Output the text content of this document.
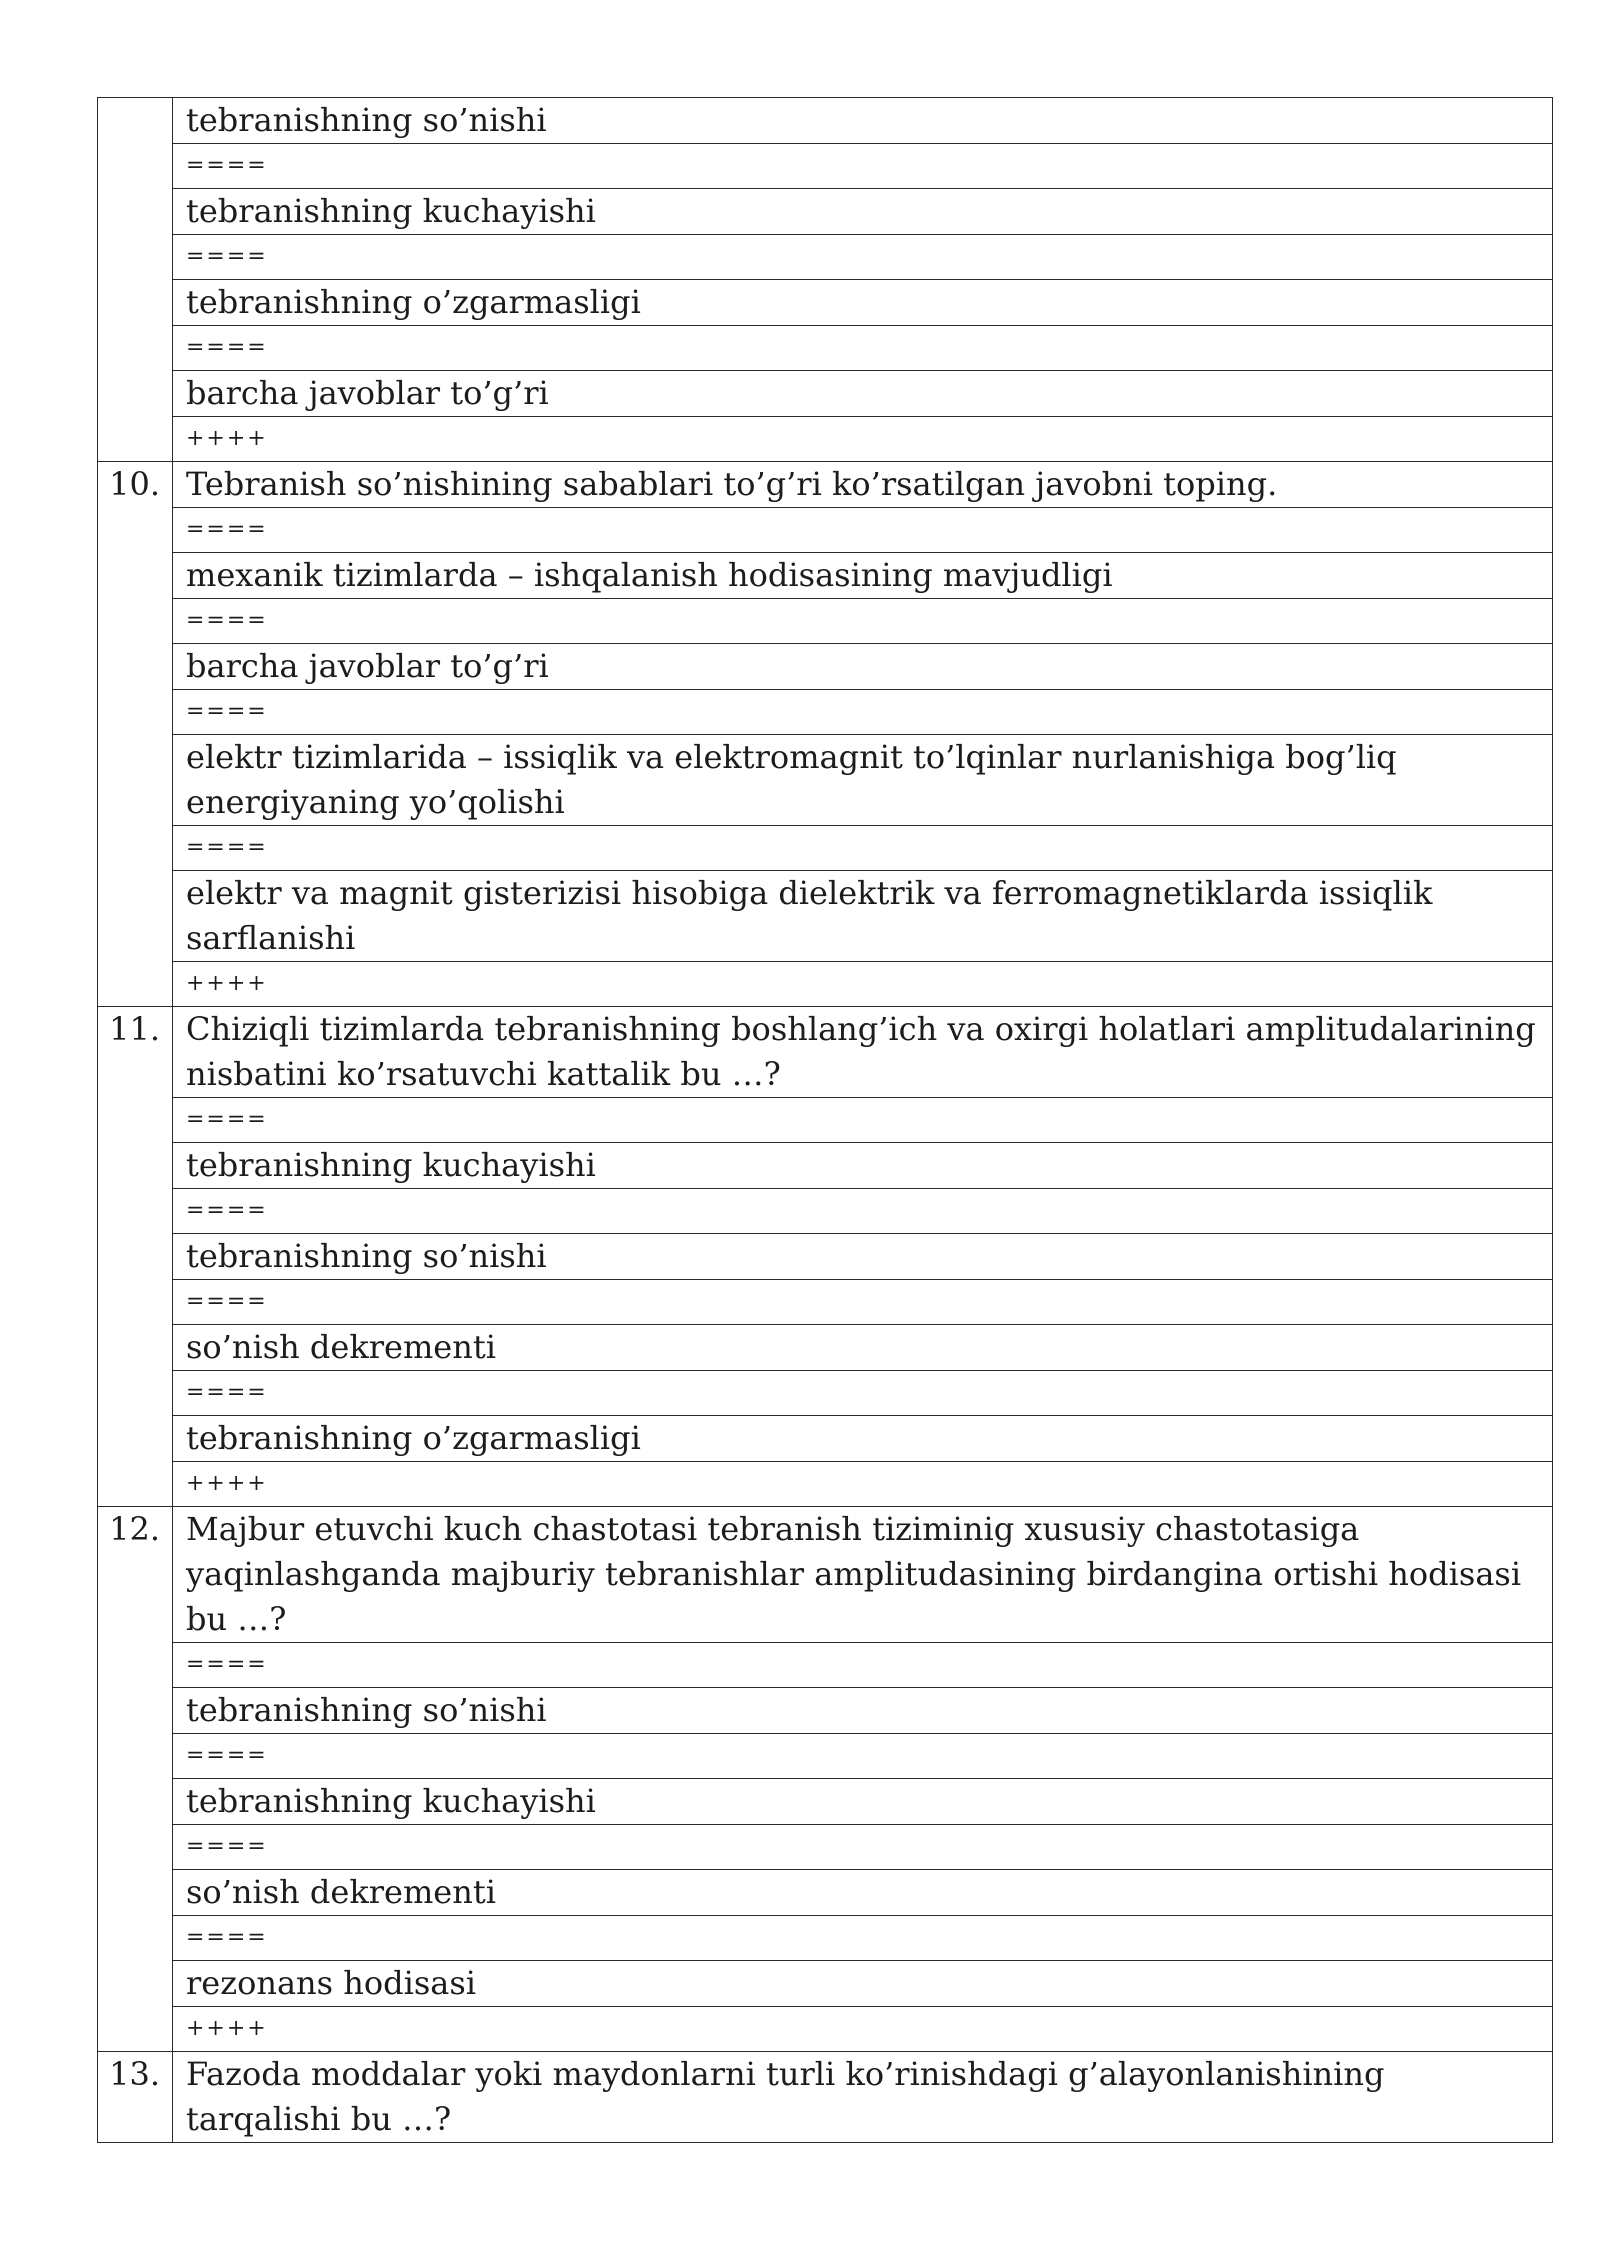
	tebranishning so’nishi
	====
	tebranishning kuchayishi
	====
	tebranishning o’zgarmasligi
	====
	barcha javoblar to’g’ri
	++++
10.	Tebranish so’nishining sabablari to’g’ri ko’rsatilgan javobni toping.
	====
	mexanik tizimlarda – ishqalanish hodisasining mavjudligi
	====
	barcha javoblar to’g’ri
	====
	elektr tizimlarida – issiqlik va elektromagnit to’lqinlar nurlanishiga bog’liq energiyaning yo’qolishi
	====
	elektr va magnit gisterizisi hisobiga dielektrik va ferromagnetiklarda issiqlik sarflanishi
	++++
11.	Chiziqli tizimlarda tebranishning boshlang’ich va oxirgi holatlari amplitudalarining nisbatini ko’rsatuvchi kattalik bu …?
	====
	tebranishning kuchayishi
	====
	tebranishning so’nishi
	====
	so’nish dekrementi
	====
	tebranishning o’zgarmasligi
	++++
12.	Majbur etuvchi kuch chastotasi tebranish tiziminig xususiy chastotasiga yaqinlashganda majburiy tebranishlar amplitudasining birdangina ortishi hodisasi bu …?
	====
	tebranishning so’nishi
	====
	tebranishning kuchayishi
	====
	so’nish dekrementi
	====
	rezonans hodisasi
	++++
13.	Fazoda moddalar yoki maydonlarni turli ko’rinishdagi g’alayonlanishining tarqalishi bu …?
